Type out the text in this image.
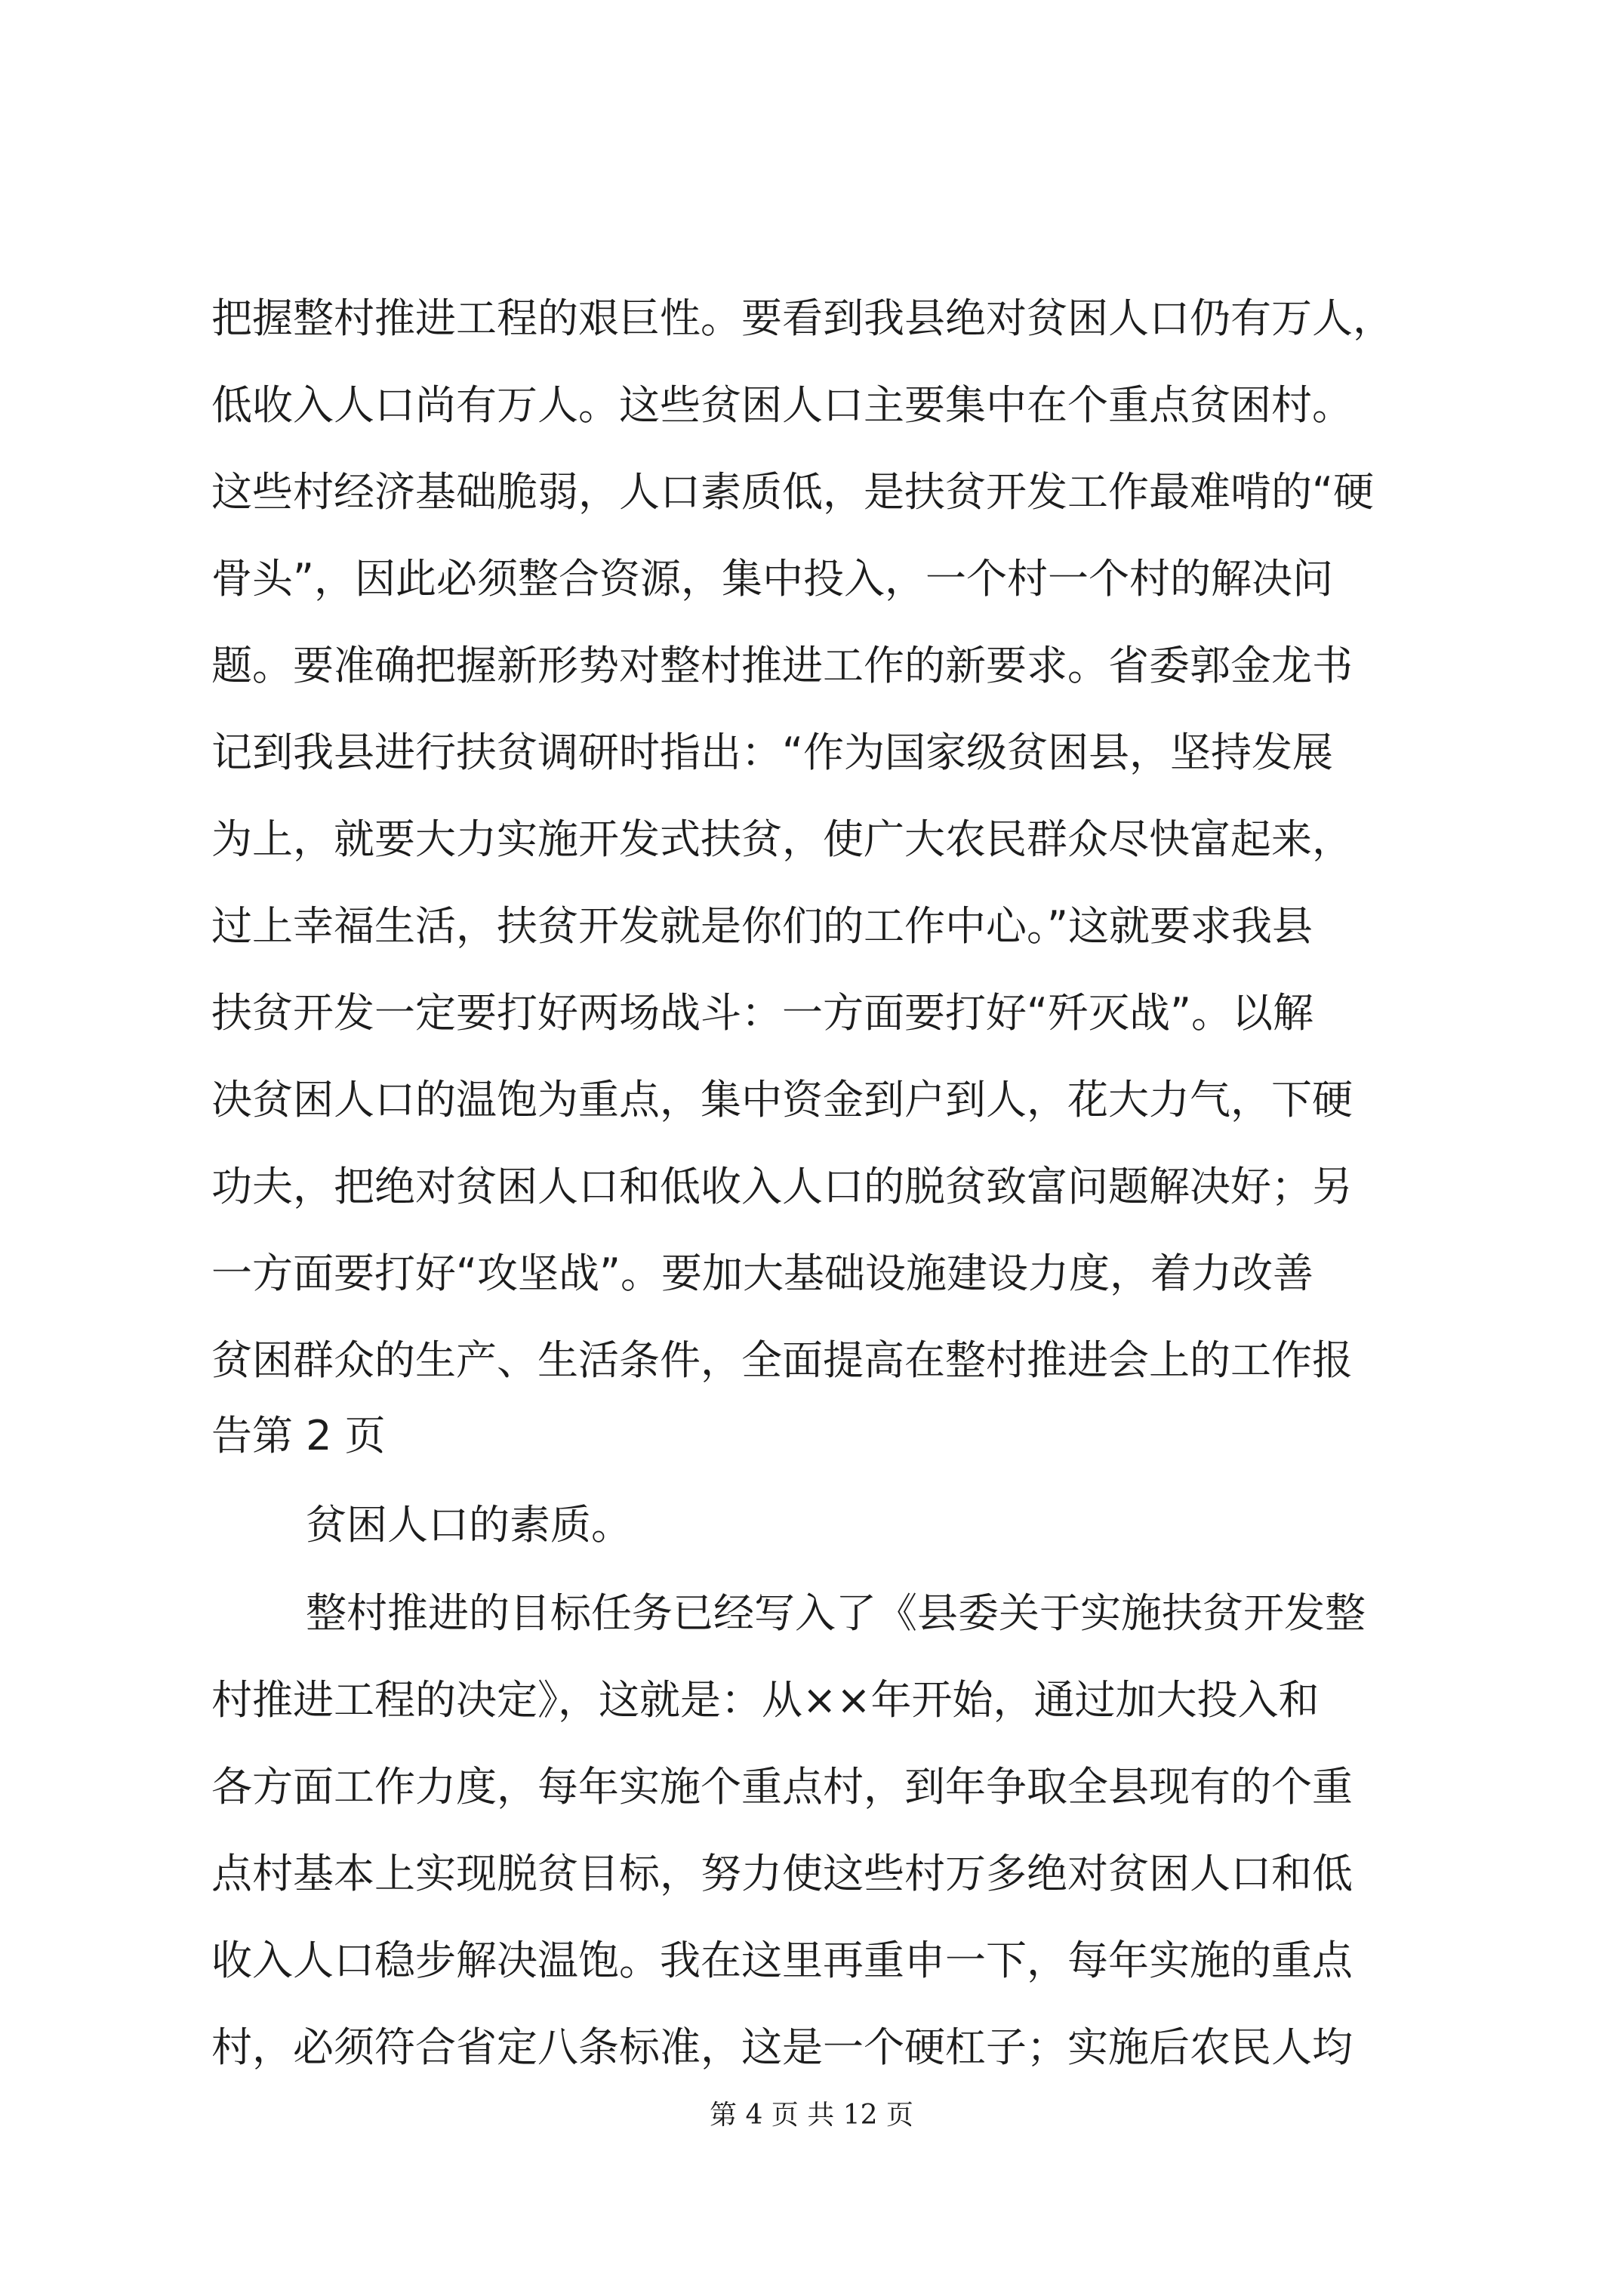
把握整村推进工程的艰巨性。要看到我县绝对贫困人口仍有万人，
低收入人口尚有万人。这些贫困人口主要集中在个重点贫困村。
这些村经济基础脆弱，人口素质低，是扶贫开发工作最难啃的“硬
骨头”，因此必须整合资源，集中投入，一个村一个村的解决问
题。要准确把握新形势对整村推进工作的新要求。省委郭金龙书
记到我县进行扶贫调研时指出：“作为国家级贫困县，坚持发展
为上，就要大力实施开发式扶贫，使广大农民群众尽快富起来，
过上幸福生活，扶贫开发就是你们的工作中心。”这就要求我县
扶贫开发一定要打好两场战斗：一方面要打好“歼灭战”。以解
决贫困人口的温饱为重点，集中资金到户到人，花大力气，下硬
功夫，把绝对贫困人口和低收入人口的脱贫致富问题解决好；另
一方面要打好“攻坚战”。要加大基础设施建设力度，着力改善
贫困群众的生产、生活条件，全面提高在整村推进会上的工作报
告第 2 页
贫困人口的素质。
整村推进的目标任务已经写入了《县委关于实施扶贫开发整
村推进工程的决定》，这就是：从××年开始，通过加大投入和
各方面工作力度，每年实施个重点村，到年争取全县现有的个重
点村基本上实现脱贫目标，努力使这些村万多绝对贫困人口和低
收入人口稳步解决温饱。我在这里再重申一下，每年实施的重点
村，必须符合省定八条标准，这是一个硬杠子；实施后农民人均
第 4 页 共 12 页
